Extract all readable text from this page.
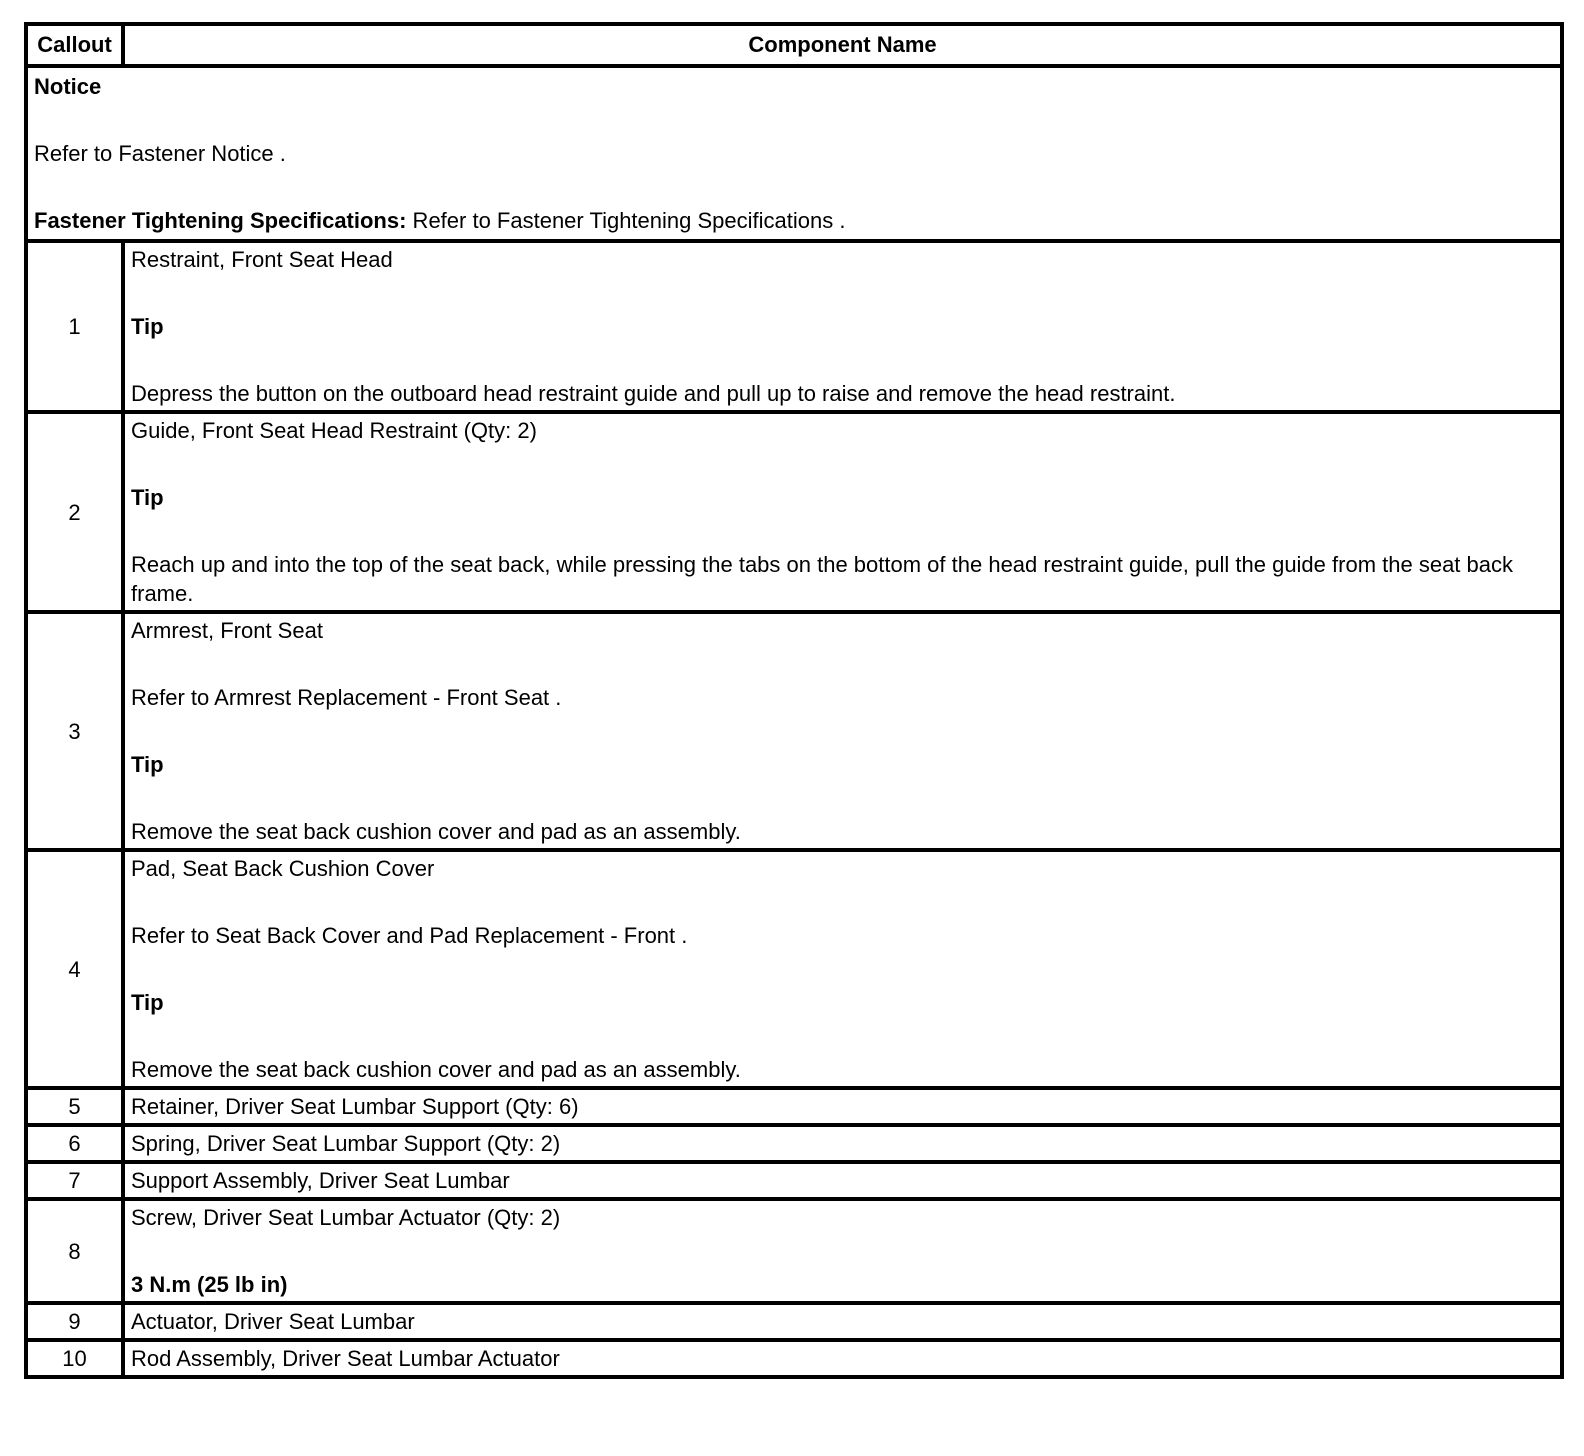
Callout	Component Name

Notice

Refer to Fastener Notice .

Fastener Tightening Specifications: Refer to Fastener Tightening Specifications .	

1	Restraint, Front Seat Head

Tip

Depress the button on the outboard head restraint guide and pull up to raise and remove the head restraint.

2	Guide, Front Seat Head Restraint (Qty: 2)

Tip

Reach up and into the top of the seat back, while pressing the tabs on the bottom of the head restraint guide, pull the guide from the seat back frame.

3	Armrest, Front Seat

Refer to Armrest Replacement - Front Seat .

Tip

Remove the seat back cushion cover and pad as an assembly.

4	Pad, Seat Back Cushion Cover

Refer to Seat Back Cover and Pad Replacement - Front .

Tip

Remove the seat back cushion cover and pad as an assembly.

5	Retainer, Driver Seat Lumbar Support (Qty: 6)
6	Spring, Driver Seat Lumbar Support (Qty: 2)
7	Support Assembly, Driver Seat Lumbar
8	Screw, Driver Seat Lumbar Actuator (Qty: 2)

3 N.m (25 lb in)

9	Actuator, Driver Seat Lumbar
10	Rod Assembly, Driver Seat Lumbar Actuator
